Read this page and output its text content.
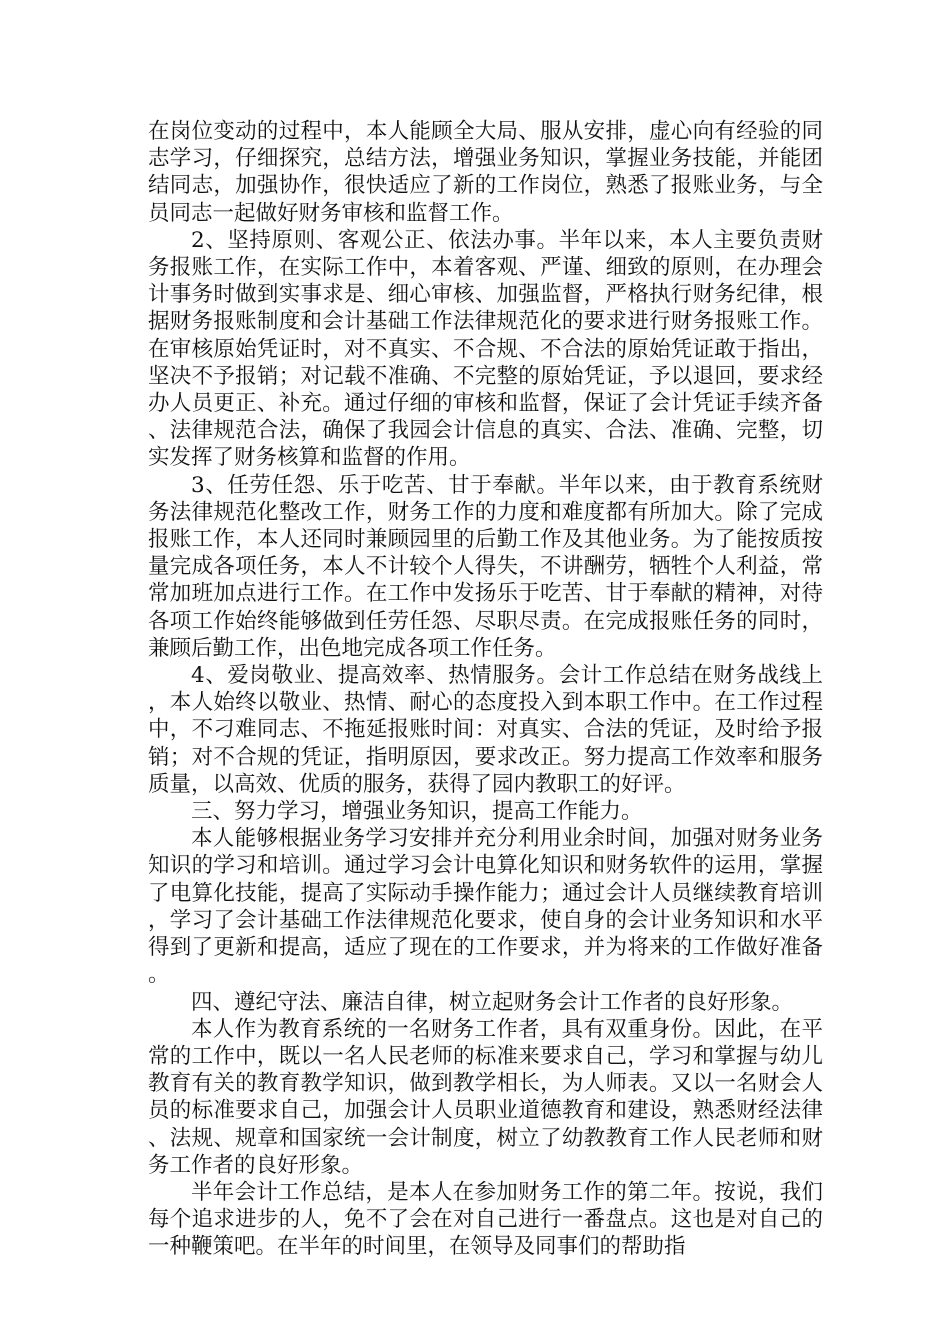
在岗位变动的过程中，本人能顾全大局、服从安排，虚心向有经验的同志学习，仔细探究，总结方法，增强业务知识，掌握业务技能，并能团结同志，加强协作，很快适应了新的工作岗位，熟悉了报账业务，与全员同志一起做好财务审核和监督工作。

2、坚持原则、客观公正、依法办事。半年以来，本人主要负责财务报账工作，在实际工作中，本着客观、严谨、细致的原则，在办理会计事务时做到实事求是、细心审核、加强监督，严格执行财务纪律，根据财务报账制度和会计基础工作法律规范化的要求进行财务报账工作。在审核原始凭证时，对不真实、不合规、不合法的原始凭证敢于指出，坚决不予报销；对记载不准确、不完整的原始凭证，予以退回，要求经办人员更正、补充。通过仔细的审核和监督，保证了会计凭证手续齐备、法律规范合法，确保了我园会计信息的真实、合法、准确、完整，切实发挥了财务核算和监督的作用。

3、任劳任怨、乐于吃苦、甘于奉献。半年以来，由于教育系统财务法律规范化整改工作，财务工作的力度和难度都有所加大。除了完成报账工作，本人还同时兼顾园里的后勤工作及其他业务。为了能按质按量完成各项任务，本人不计较个人得失，不讲酬劳，牺牲个人利益，常常加班加点进行工作。在工作中发扬乐于吃苦、甘于奉献的精神，对待各项工作始终能够做到任劳任怨、尽职尽责。在完成报账任务的同时，兼顾后勤工作，出色地完成各项工作任务。

4、爱岗敬业、提高效率、热情服务。会计工作总结在财务战线上，本人始终以敬业、热情、耐心的态度投入到本职工作中。在工作过程中，不刁难同志、不拖延报账时间：对真实、合法的凭证，及时给予报销；对不合规的凭证，指明原因，要求改正。努力提高工作效率和服务质量，以高效、优质的服务，获得了园内教职工的好评。

三、努力学习，增强业务知识，提高工作能力。

本人能够根据业务学习安排并充分利用业余时间，加强对财务业务知识的学习和培训。通过学习会计电算化知识和财务软件的运用，掌握了电算化技能，提高了实际动手操作能力；通过会计人员继续教育培训，学习了会计基础工作法律规范化要求，使自身的会计业务知识和水平得到了更新和提高，适应了现在的工作要求，并为将来的工作做好准备。

四、遵纪守法、廉洁自律，树立起财务会计工作者的良好形象。

本人作为教育系统的一名财务工作者，具有双重身份。因此，在平常的工作中，既以一名人民老师的标准来要求自己，学习和掌握与幼儿教育有关的教育教学知识，做到教学相长，为人师表。又以一名财会人员的标准要求自己，加强会计人员职业道德教育和建设，熟悉财经法律、法规、规章和国家统一会计制度，树立了幼教教育工作人民老师和财务工作者的良好形象。

半年会计工作总结，是本人在参加财务工作的第二年。按说，我们每个追求进步的人，免不了会在对自己进行一番盘点。这也是对自己的一种鞭策吧。在半年的时间里，在领导及同事们的帮助指
